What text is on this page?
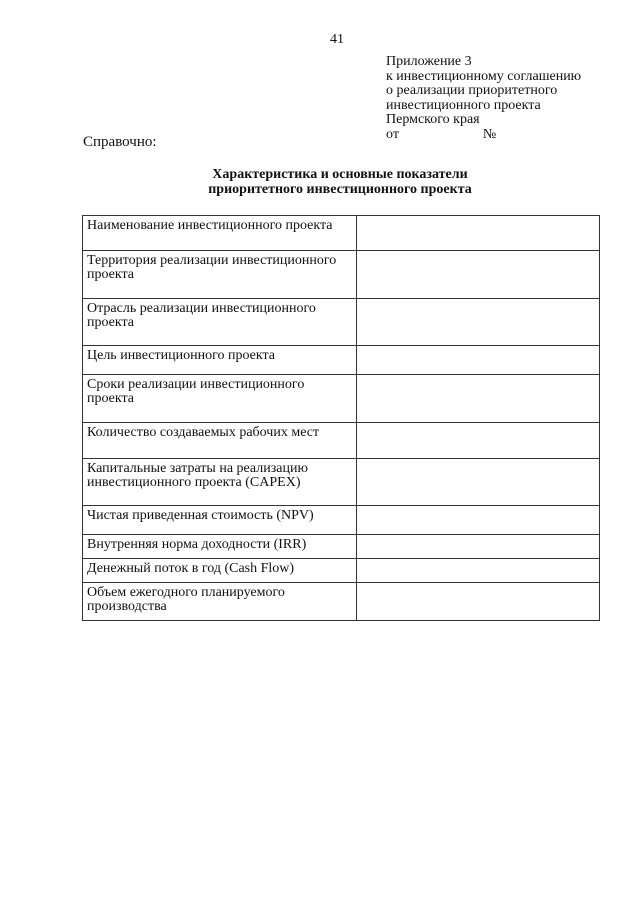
41
Приложение 3
к инвестиционному соглашению
о реализации приоритетного
инвестиционного проекта
Пермского края
от                        №
Справочно:
Характеристика и основные показатели
приоритетного инвестиционного проекта
Наименование инвестиционного проекта	
Территория реализации инвестиционного проекта	
Отрасль реализации инвестиционного проекта	
Цель инвестиционного проекта	
Сроки реализации инвестиционного проекта	
Количество создаваемых рабочих мест	
Капитальные затраты на реализацию инвестиционного проекта (CAPEX)	
Чистая приведенная стоимость (NPV)	
Внутренняя норма доходности (IRR)	
Денежный поток в год (Cash Flow)	
Объем ежегодного планируемого производства	
